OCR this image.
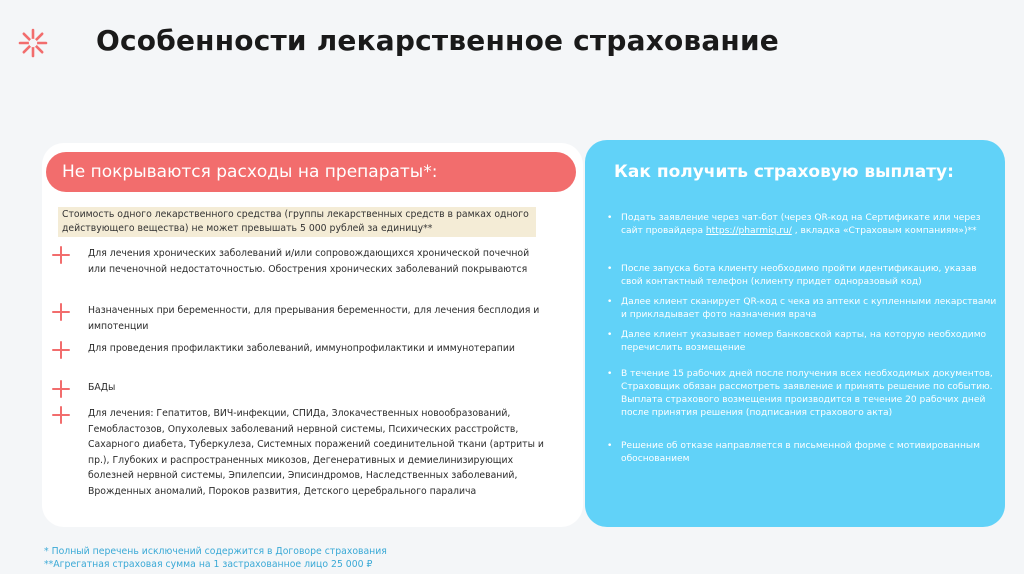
Особенности лекарственное страхование
Не покрываются расходы на препараты*:
Стоимость одного лекарственного средства (группы лекарственных средств в рамках одного действующего вещества) не может превышать 5 000 рублей за единицу**
Для лечения хронических заболеваний и/или сопровождающихся хронической почечной или печеночной недостаточностью. Обострения хронических заболеваний покрываются
Назначенных при беременности, для прерывания беременности, для лечения бесплодия и импотенции
Для проведения профилактики заболеваний, иммунопрофилактики и иммунотерапии
БАДы
Для лечения: Гепатитов, ВИЧ-инфекции, СПИДа, Злокачественных новообразований, Гемобластозов, Опухолевых заболеваний нервной системы, Психических расстройств, Сахарного диабета, Туберкулеза, Системных поражений соединительной ткани (артриты и пр.), Глубоких и распространенных микозов, Дегенеративных и демиелинизирующих болезней нервной системы, Эпилепсии, Эписиндромов, Наследственных заболеваний, Врожденных аномалий, Пороков развития, Детского церебрального паралича
Как получить страховую выплату:
• Подать заявление через чат-бот (через QR-код на Сертификате или через сайт провайдера https://pharmiq.ru/ , вкладка «Страховым компаниям»)**
• После запуска бота клиенту необходимо пройти идентификацию, указав свой контактный телефон (клиенту придет одноразовый код)
• Далее клиент сканирует QR-код с чека из аптеки с купленными лекарствами и прикладывает фото назначения врача
• Далее клиент указывает номер банковской карты, на которую необходимо перечислить возмещение
• В течение 15 рабочих дней после получения всех необходимых документов, Страховщик обязан рассмотреть заявление и принять решение по событию. Выплата страхового возмещения производится в течение 20 рабочих дней после принятия решения (подписания страхового акта)
• Решение об отказе направляется в письменной форме с мотивированным обоснованием
* Полный перечень исключений содержится в Договоре страхования
**Агрегатная страховая сумма на 1 застрахованное лицо 25 000 ₽
